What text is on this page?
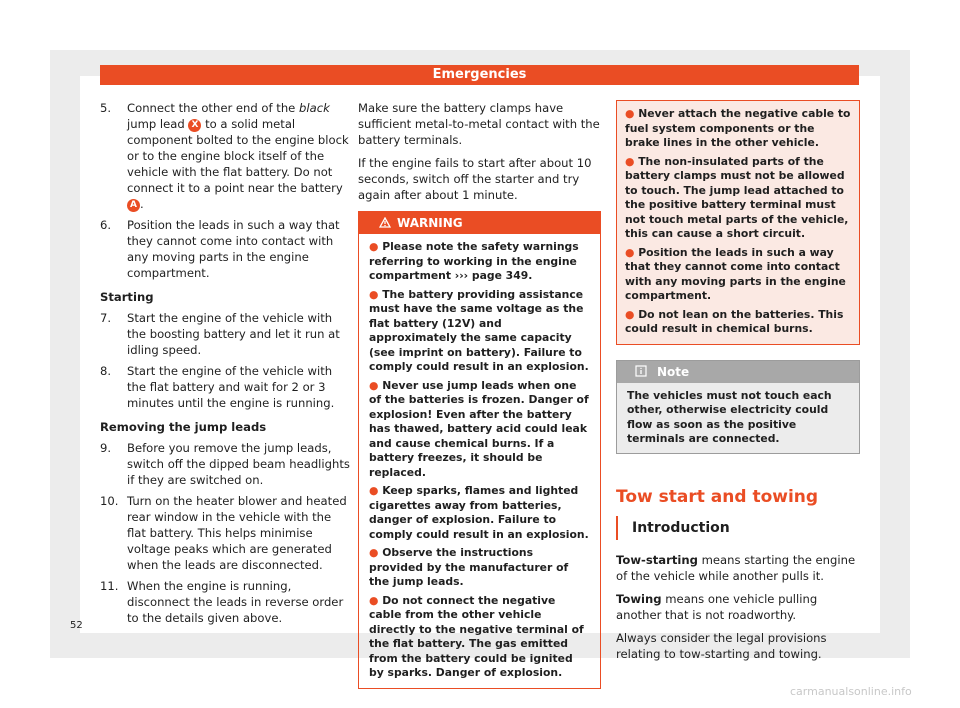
Emergencies
5.	Connect the other end of the black jump lead X to a solid metal component bolted to the engine block or to the engine block itself of the vehicle with the flat battery. Do not connect it to a point near the battery A .
6.	Position the leads in such a way that they cannot come into contact with any moving parts in the engine compartment.
Starting
7.	Start the engine of the vehicle with the boosting battery and let it run at idling speed.
8.	Start the engine of the vehicle with the flat battery and wait for 2 or 3 minutes until the engine is running.
Removing the jump leads
9.	Before you remove the jump leads, switch off the dipped beam headlights if they are switched on.
10. Turn on the heater blower and heated rear window in the vehicle with the flat battery. This helps minimise voltage peaks which are generated when the leads are disconnected.
11. When the engine is running, disconnect the leads in reverse order to the details given above.

Make sure the battery clamps have sufficient metal-to-metal contact with the battery terminals.

If the engine fails to start after about 10 seconds, switch off the starter and try again after about 1 minute.

WARNING
● Please note the safety warnings referring to working in the engine compartment ››› page 349.
● The battery providing assistance must have the same voltage as the flat battery (12V) and approximately the same capacity (see imprint on battery). Failure to comply could result in an explosion.
● Never use jump leads when one of the batteries is frozen. Danger of explosion! Even after the battery has thawed, battery acid could leak and cause chemical burns. If a battery freezes, it should be replaced.
● Keep sparks, flames and lighted cigarettes away from batteries, danger of explosion. Failure to comply could result in an explosion.
● Observe the instructions provided by the manufacturer of the jump leads.
● Do not connect the negative cable from the other vehicle directly to the negative terminal of the flat battery. The gas emitted from the battery could be ignited by sparks. Danger of explosion.
● Never attach the negative cable to fuel system components or the brake lines in the other vehicle.
● The non-insulated parts of the battery clamps must not be allowed to touch. The jump lead attached to the positive battery terminal must not touch metal parts of the vehicle, this can cause a short circuit.
● Position the leads in such a way that they cannot come into contact with any moving parts in the engine compartment.
● Do not lean on the batteries. This could result in chemical burns.
Note
The vehicles must not touch each other, otherwise electricity could flow as soon as the positive terminals are connected.
Tow start and towing
Introduction

Tow-starting means starting the engine of the vehicle while another pulls it.

Towing means one vehicle pulling another that is not roadworthy.

Always consider the legal provisions relating to tow-starting and towing.

52
carmanualsonline.info
